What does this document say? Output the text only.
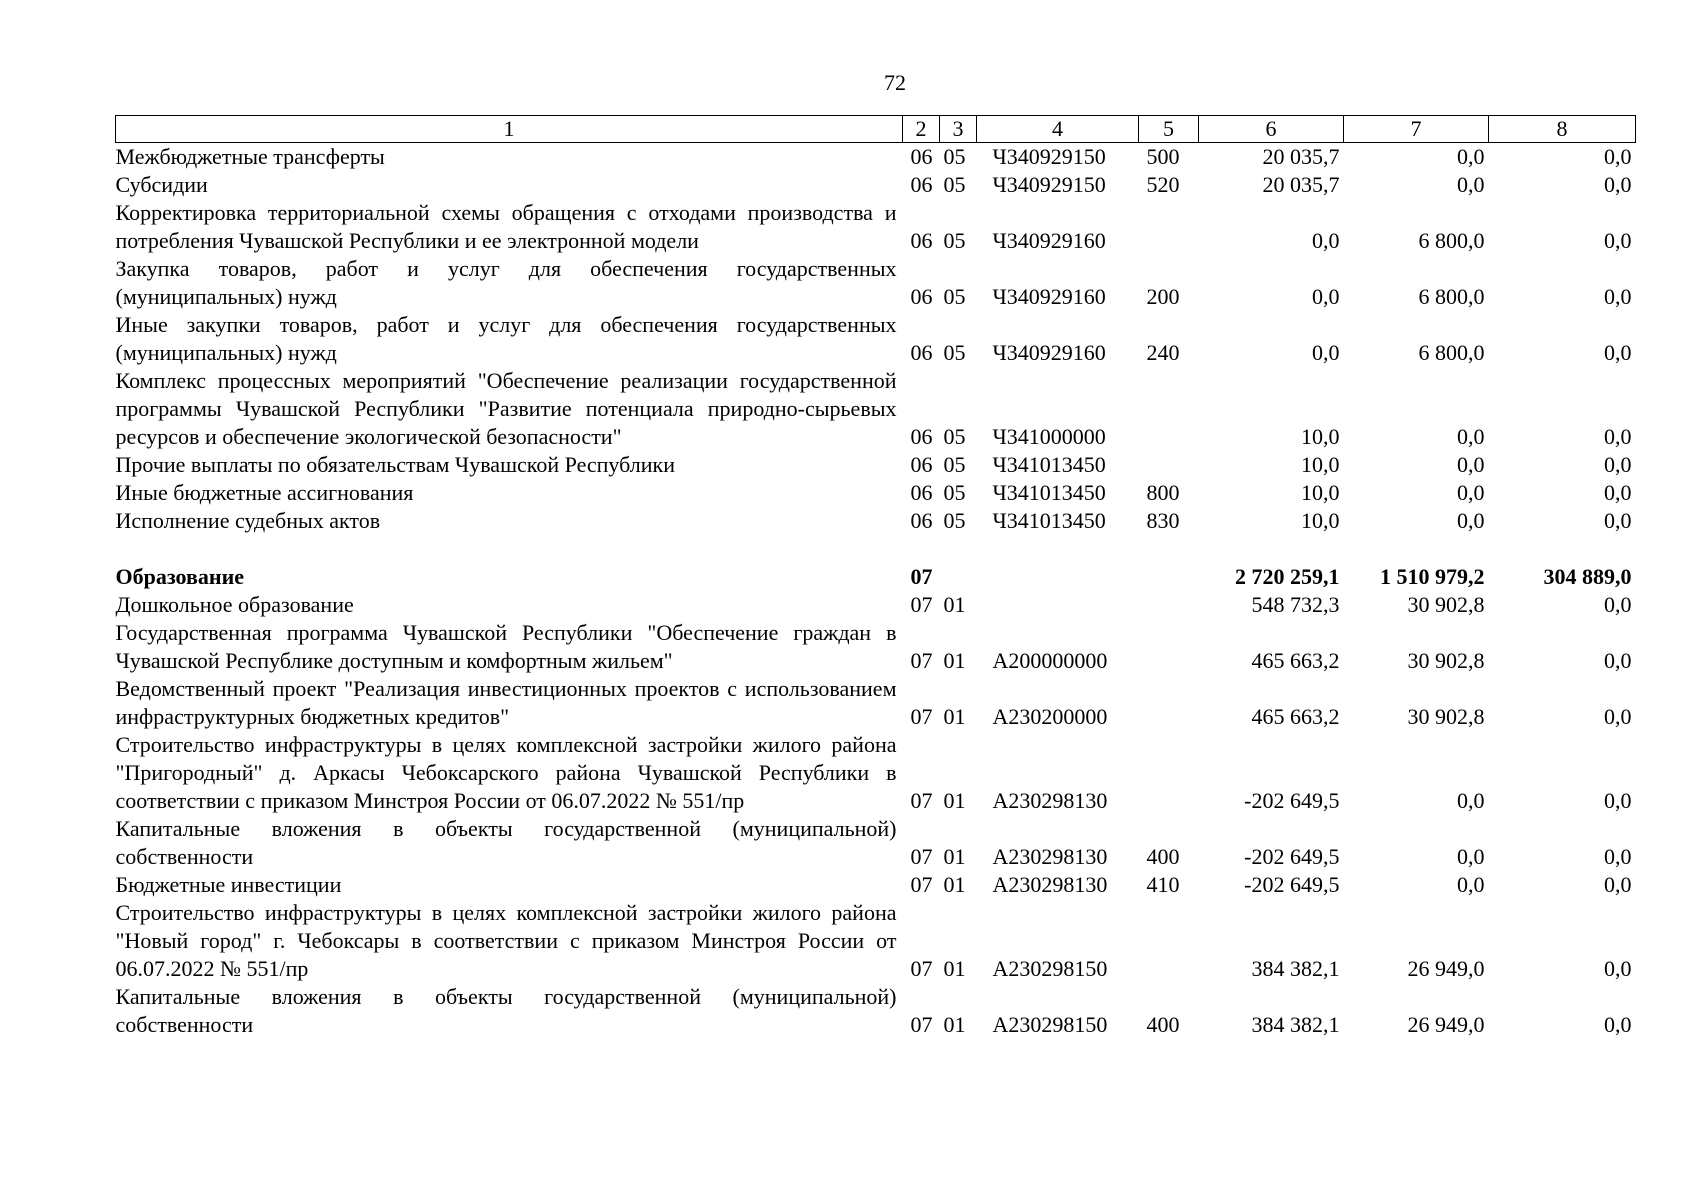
72
1	2	3	4	5	6	7	8
Межбюджетные трансферты	06	05	Ч340929150	500	20 035,7	0,0	0,0
Субсидии	06	05	Ч340929150	520	20 035,7	0,0	0,0
Корректировка территориальной схемы обращения с отходами производства и потребления Чувашской Республики и ее электронной модели	06	05	Ч340929160		0,0	6 800,0	0,0
Закупка товаров, работ и услуг для обеспечения государственных (муниципальных) нужд	06	05	Ч340929160	200	0,0	6 800,0	0,0
Иные закупки товаров, работ и услуг для обеспечения государственных (муниципальных) нужд	06	05	Ч340929160	240	0,0	6 800,0	0,0
Комплекс процессных мероприятий "Обеспечение реализации государственной программы Чувашской Республики "Развитие потенциала природно-сырьевых ресурсов и обеспечение экологической безопасности"	06	05	Ч341000000		10,0	0,0	0,0
Прочие выплаты по обязательствам Чувашской Республики	06	05	Ч341013450		10,0	0,0	0,0
Иные бюджетные ассигнования	06	05	Ч341013450	800	10,0	0,0	0,0
Исполнение судебных актов	06	05	Ч341013450	830	10,0	0,0	0,0

Образование	07				2 720 259,1	1 510 979,2	304 889,0
Дошкольное образование	07	01			548 732,3	30 902,8	0,0
Государственная программа Чувашской Республики "Обеспечение граждан в Чувашской Республике доступным и комфортным жильем"	07	01	А200000000		465 663,2	30 902,8	0,0
Ведомственный проект "Реализация инвестиционных проектов с использованием инфраструктурных бюджетных кредитов"	07	01	А230200000		465 663,2	30 902,8	0,0
Строительство инфраструктуры в целях комплексной застройки жилого района "Пригородный" д. Аркасы Чебоксарского района Чувашской Республики в соответствии с приказом Минстроя России от 06.07.2022 № 551/пр	07	01	А230298130		-202 649,5	0,0	0,0
Капитальные вложения в объекты государственной (муниципальной) собственности	07	01	А230298130	400	-202 649,5	0,0	0,0
Бюджетные инвестиции	07	01	А230298130	410	-202 649,5	0,0	0,0
Строительство инфраструктуры в целях комплексной застройки жилого района "Новый город" г. Чебоксары в соответствии с приказом Минстроя России от 06.07.2022 № 551/пр	07	01	А230298150		384 382,1	26 949,0	0,0
Капитальные вложения в объекты государственной (муниципальной) собственности	07	01	А230298150	400	384 382,1	26 949,0	0,0
